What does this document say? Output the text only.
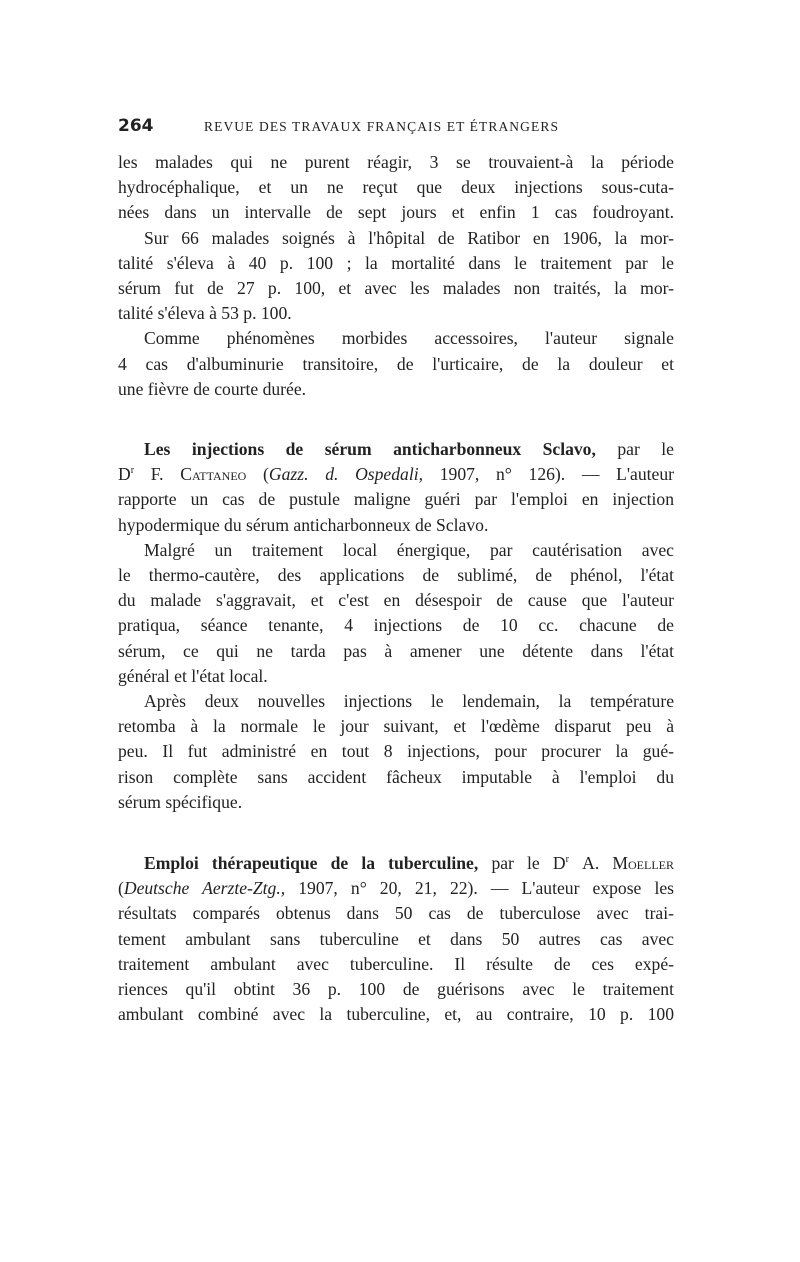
264	REVUE DES TRAVAUX FRANÇAIS ET ÉTRANGERS

les malades qui ne purent réagir, 3 se trouvaient-à la période
hydrocéphalique, et un ne reçut que deux injections sous-cuta-
nées dans un intervalle de sept jours et enfin 1 cas foudroyant.

Sur 66 malades soignés à l'hôpital de Ratibor en 1906, la mor-
talité s'éleva à 40 p. 100 ; la mortalité dans le traitement par le
sérum fut de 27 p. 100, et avec les malades non traités, la mor-
talité s'éleva à 53 p. 100.

Comme phénomènes morbides accessoires, l'auteur signale
4 cas d'albuminurie transitoire, de l'urticaire, de la douleur et
une fièvre de courte durée.

Les injections de sérum anticharbonneux Sclavo, par le
$D^r$ F. Cattaneo (Gazz. d. Ospedali, 1907, n° 126). — L'auteur
rapporte un cas de pustule maligne guéri par l'emploi en injection
hypodermique du sérum anticharbonneux de Sclavo.

Malgré un traitement local énergique, par cautérisation avec
le thermo-cautère, des applications de sublimé, de phénol, l'état
du malade s'aggravait, et c'est en désespoir de cause que l'auteur
pratiqua, séance tenante, 4 injections de 10 cc. chacune de
sérum, ce qui ne tarda pas à amener une détente dans l'état
général et l'état local.

Après deux nouvelles injections le lendemain, la température
retomba à la normale le jour suivant, et l'œdème disparut peu à
peu. Il fut administré en tout 8 injections, pour procurer la gué-
rison complète sans accident fâcheux imputable à l'emploi du
sérum spécifique.

Emploi thérapeutique de la tuberculine, par le $D^r$ A. Moeller
(Deutsche Aerzte-Ztg., 1907, n° 20, 21, 22). — L'auteur expose les
résultats comparés obtenus dans 50 cas de tuberculose avec trai-
tement ambulant sans tuberculine et dans 50 autres cas avec
traitement ambulant avec tuberculine. Il résulte de ces expé-
riences qu'il obtint 36 p. 100 de guérisons avec le traitement
ambulant combiné avec la tuberculine, et, au contraire, 10 p. 100
